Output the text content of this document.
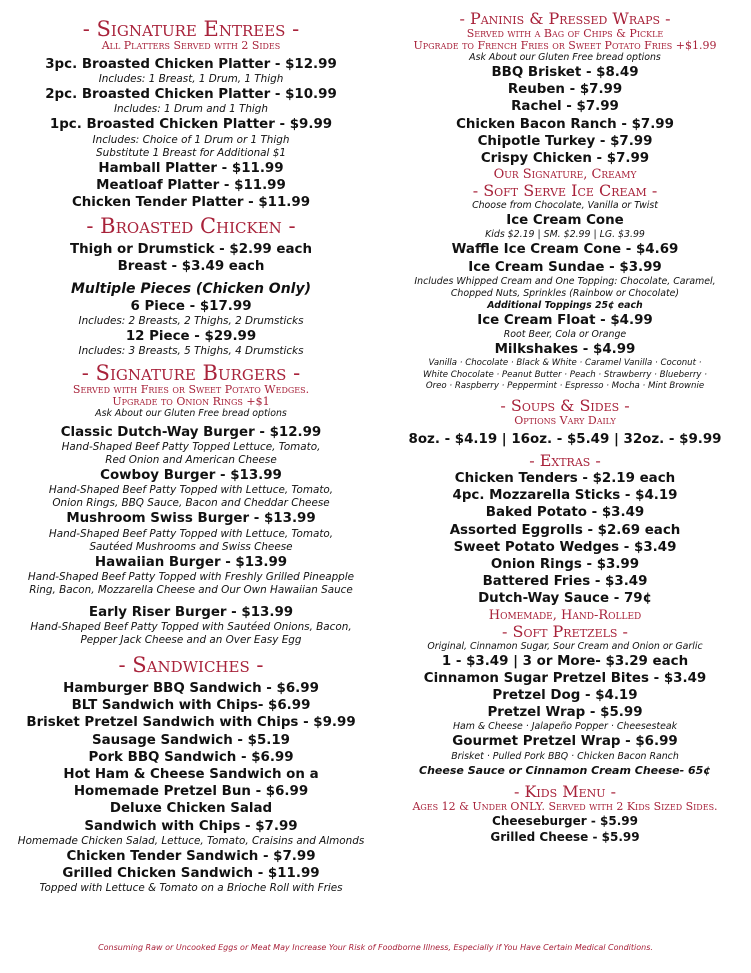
- Signature Entrees -
All Platters Served with 2 Sides
3pc. Broasted Chicken Platter - $12.99
Includes: 1 Breast, 1 Drum, 1 Thigh
2pc. Broasted Chicken Platter - $10.99
Includes: 1 Drum and 1 Thigh
1pc. Broasted Chicken Platter - $9.99
Includes: Choice of 1 Drum or 1 Thigh
Substitute 1 Breast for Additional $1
Hamball Platter - $11.99
Meatloaf Platter - $11.99
Chicken Tender Platter - $11.99
- Broasted Chicken -
Thigh or Drumstick - $2.99 each
Breast - $3.49 each
Multiple Pieces (Chicken Only)
6 Piece - $17.99
Includes: 2 Breasts, 2 Thighs, 2 Drumsticks
12 Piece - $29.99
Includes: 3 Breasts, 5 Thighs, 4 Drumsticks
- Signature Burgers -
Served with Fries or Sweet Potato Wedges.
Upgrade to Onion Rings +$1
Ask About our Gluten Free bread options
Classic Dutch-Way Burger - $12.99
Hand-Shaped Beef Patty Topped Lettuce, Tomato,
Red Onion and American Cheese
Cowboy Burger - $13.99
Hand-Shaped Beef Patty Topped with Lettuce, Tomato,
Onion Rings, BBQ Sauce, Bacon and Cheddar Cheese
Mushroom Swiss Burger - $13.99
Hand-Shaped Beef Patty Topped with Lettuce, Tomato,
Sautéed Mushrooms and Swiss Cheese
Hawaiian Burger - $13.99
Hand-Shaped Beef Patty Topped with Freshly Grilled Pineapple
Ring, Bacon, Mozzarella Cheese and Our Own Hawaiian Sauce
Early Riser Burger - $13.99
Hand-Shaped Beef Patty Topped with Sautéed Onions, Bacon,
Pepper Jack Cheese and an Over Easy Egg
- Sandwiches -
Hamburger BBQ Sandwich - $6.99
BLT Sandwich with Chips- $6.99
Brisket Pretzel Sandwich with Chips - $9.99
Sausage Sandwich - $5.19
Pork BBQ Sandwich - $6.99
Hot Ham & Cheese Sandwich on a
Homemade Pretzel Bun - $6.99
Deluxe Chicken Salad
Sandwich with Chips - $7.99
Homemade Chicken Salad, Lettuce, Tomato, Craisins and Almonds
Chicken Tender Sandwich - $7.99
Grilled Chicken Sandwich - $11.99
Topped with Lettuce & Tomato on a Brioche Roll with Fries
- Paninis & Pressed Wraps -
Served with a Bag of Chips & Pickle
Upgrade to French Fries or Sweet Potato Fries +$1.99
Ask About our Gluten Free bread options
BBQ Brisket - $8.49
Reuben - $7.99
Rachel - $7.99
Chicken Bacon Ranch - $7.99
Chipotle Turkey - $7.99
Crispy Chicken - $7.99
Our Signature, Creamy
- Soft Serve Ice Cream -
Choose from Chocolate, Vanilla or Twist
Ice Cream Cone
Kids $2.19 | SM. $2.99 | LG. $3.99
Waffle Ice Cream Cone - $4.69
Ice Cream Sundae - $3.99
Includes Whipped Cream and One Topping: Chocolate, Caramel,
Chopped Nuts, Sprinkles (Rainbow or Chocolate)
Additional Toppings 25¢ each
Ice Cream Float - $4.99
Root Beer, Cola or Orange
Milkshakes - $4.99
Vanilla · Chocolate · Black & White · Caramel Vanilla · Coconut ·
White Chocolate · Peanut Butter · Peach · Strawberry · Blueberry ·
Oreo · Raspberry · Peppermint · Espresso · Mocha · Mint Brownie
- Soups & Sides -
Options Vary Daily
8oz. - $4.19 | 16oz. - $5.49 | 32oz. - $9.99
- Extras -
Chicken Tenders - $2.19 each
4pc. Mozzarella Sticks - $4.19
Baked Potato - $3.49
Assorted Eggrolls - $2.69 each
Sweet Potato Wedges - $3.49
Onion Rings - $3.99
Battered Fries - $3.49
Dutch-Way Sauce - 79¢
Homemade, Hand-Rolled
- Soft Pretzels -
Original, Cinnamon Sugar, Sour Cream and Onion or Garlic
1 - $3.49 | 3 or More- $3.29 each
Cinnamon Sugar Pretzel Bites - $3.49
Pretzel Dog - $4.19
Pretzel Wrap - $5.99
Ham & Cheese · Jalapeño Popper · Cheesesteak
Gourmet Pretzel Wrap - $6.99
Brisket · Pulled Pork BBQ · Chicken Bacon Ranch
Cheese Sauce or Cinnamon Cream Cheese- 65¢
- Kids Menu -
Ages 12 & Under ONLY. Served with 2 Kids Sized Sides.
Cheeseburger - $5.99
Grilled Cheese - $5.99
Consuming Raw or Uncooked Eggs or Meat May Increase Your Risk of Foodborne Illness, Especially if You Have Certain Medical Conditions.
